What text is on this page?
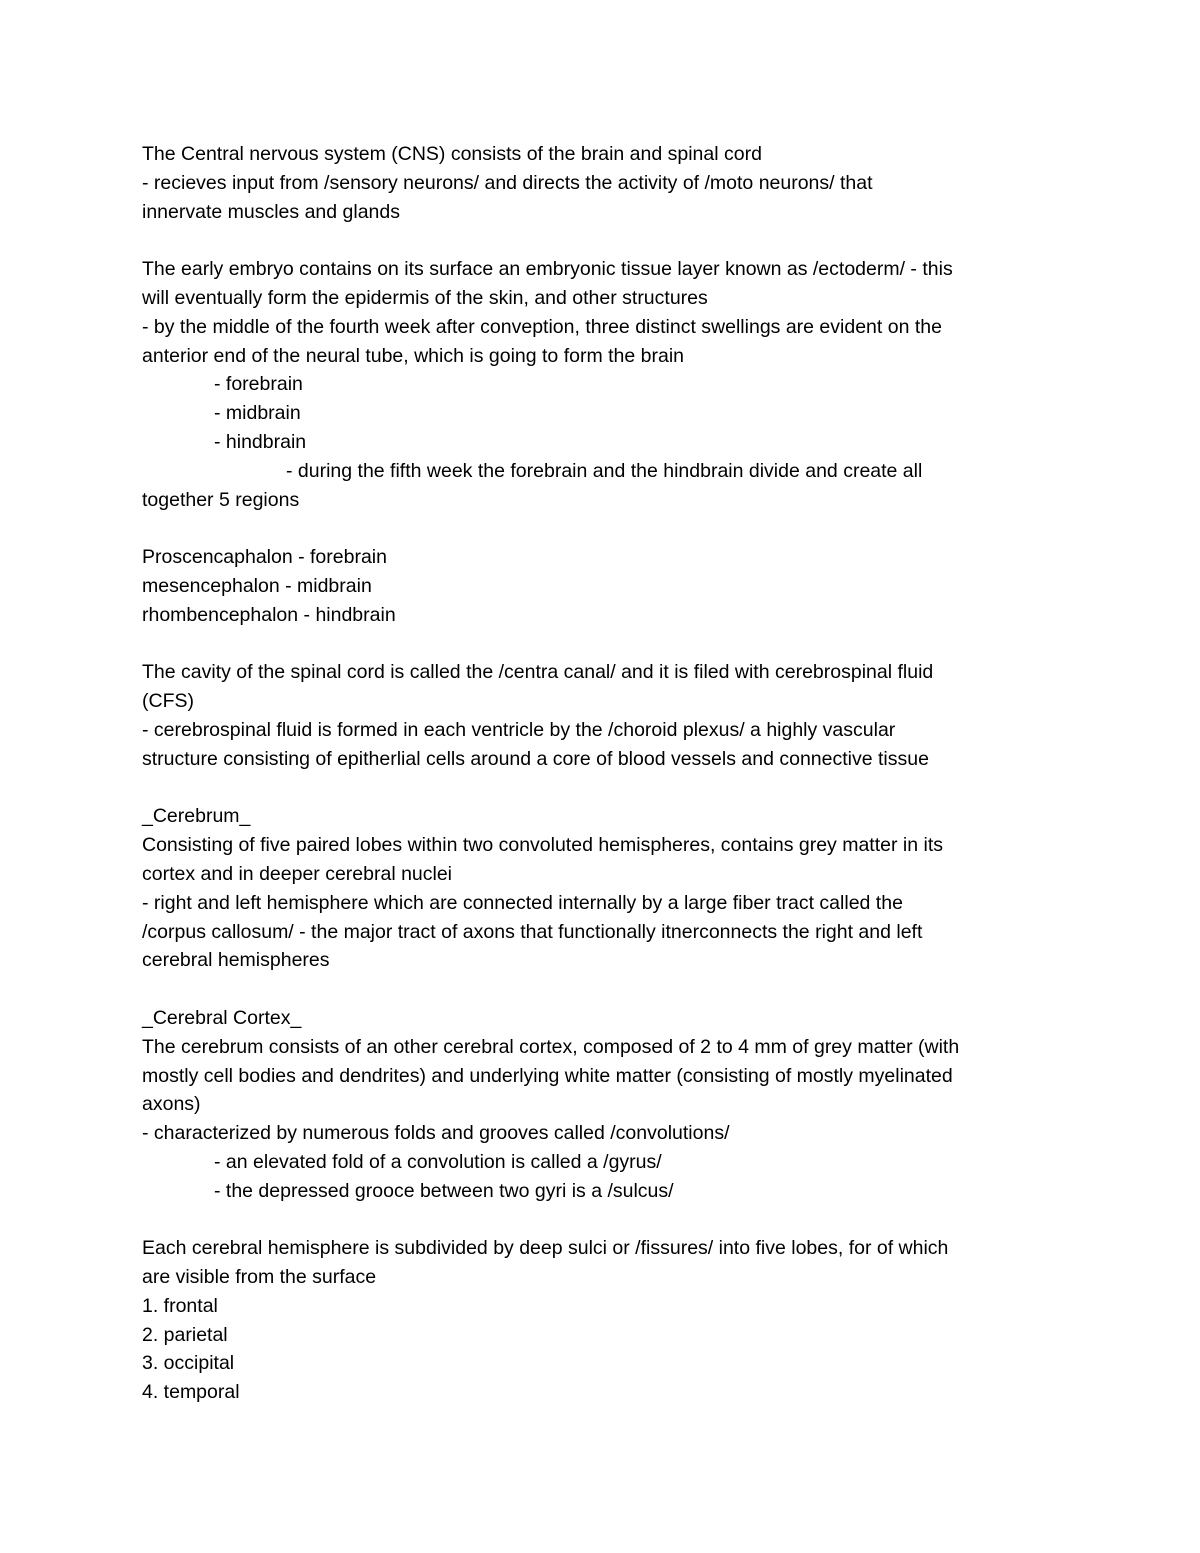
The Central nervous system (CNS) consists of the brain and spinal cord
- recieves input from /sensory neurons/ and directs the activity of /moto neurons/ that
innervate muscles and glands
The early embryo contains on its surface an embryonic tissue layer known as /ectoderm/ - this
will eventually form the epidermis of the skin, and other structures
- by the middle of the fourth week after conveption, three distinct swellings are evident on the
anterior end of the neural tube, which is going to form the brain
- forebrain
- midbrain
- hindbrain
- during the fifth week the forebrain and the hindbrain divide and create all
together 5 regions
Proscencaphalon - forebrain
mesencephalon - midbrain
rhombencephalon - hindbrain
The cavity of the spinal cord is called the /centra canal/ and it is filed with cerebrospinal fluid
(CFS)
- cerebrospinal fluid is formed in each ventricle by the /choroid plexus/ a highly vascular
structure consisting of epitherlial cells around a core of blood vessels and connective tissue
_Cerebrum_
Consisting of five paired lobes within two convoluted hemispheres, contains grey matter in its
cortex and in deeper cerebral nuclei
- right and left hemisphere which are connected internally by a large fiber tract called the
/corpus callosum/ - the major tract of axons that functionally itnerconnects the right and left
cerebral hemispheres
_Cerebral Cortex_
The cerebrum consists of an other cerebral cortex, composed of 2 to 4 mm of grey matter (with
mostly cell bodies and dendrites) and underlying white matter (consisting of mostly myelinated
axons)
- characterized by numerous folds and grooves called /convolutions/
- an elevated fold of a convolution is called a /gyrus/
- the depressed grooce between two gyri is a /sulcus/
Each cerebral hemisphere is subdivided by deep sulci or /fissures/ into five lobes, for of which
are visible from the surface
1. frontal
2. parietal
3. occipital
4. temporal
